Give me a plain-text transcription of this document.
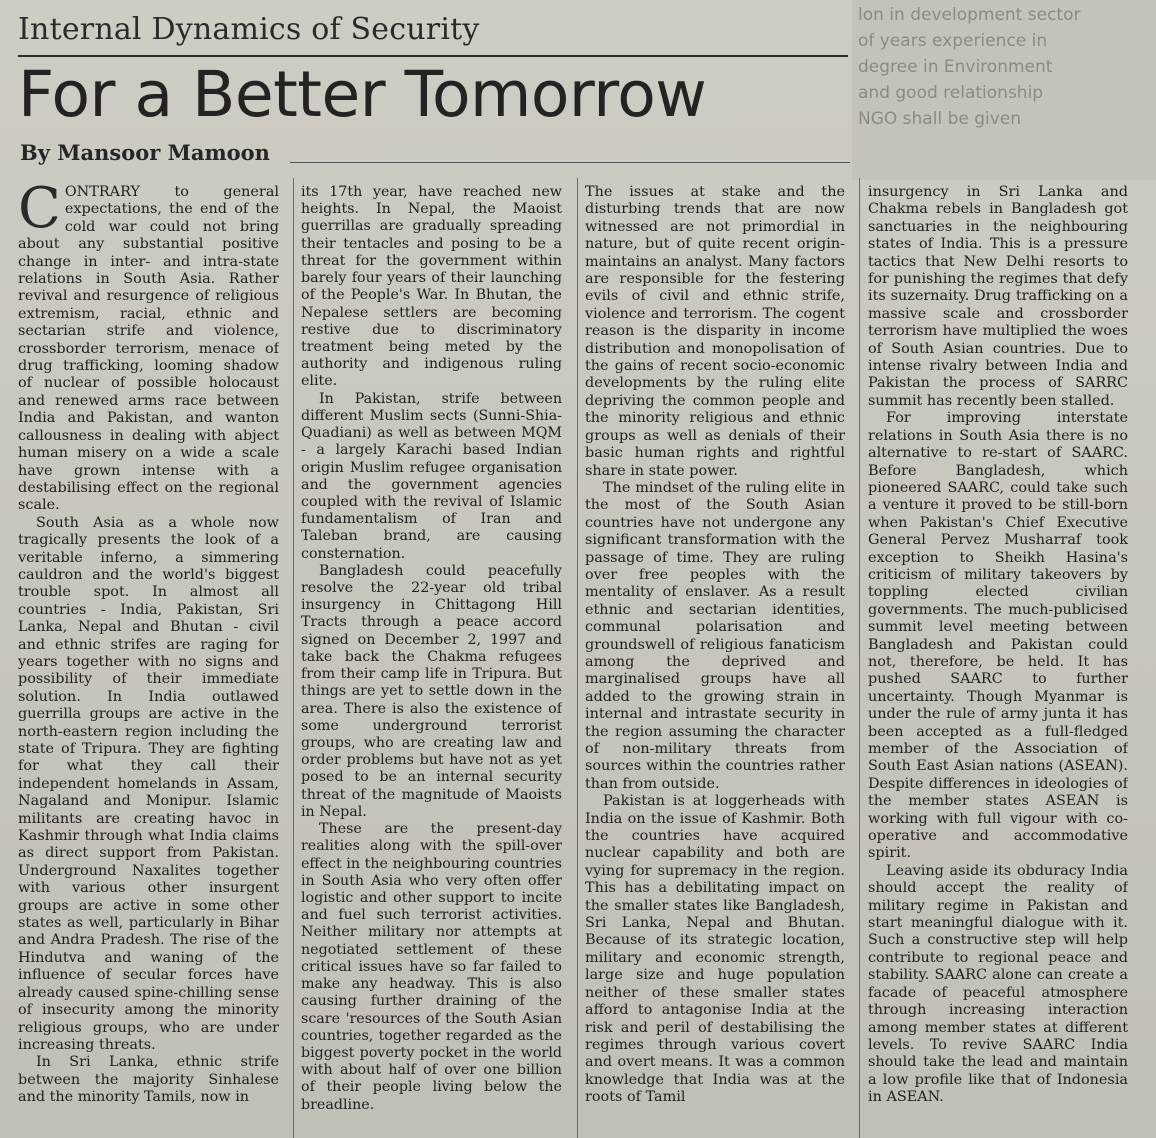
lon in development sector
of years experience in
degree in Environment
and good relationship
NGO shall be given
Internal Dynamics of Security
For a Better Tomorrow
By Mansoor Mamoon

CONTRARY to general expectations, the end of the cold war could not bring about any substantial positive change in inter- and intra-state relations in South Asia. Rather revival and resurgence of religious extremism, racial, ethnic and sectarian strife and violence, crossborder terrorism, menace of drug trafficking, looming shadow of nuclear of possible holocaust and renewed arms race between India and Pakistan, and wanton callousness in dealing with abject human misery on a wide a scale have grown intense with a destabilising effect on the regional scale.

South Asia as a whole now tragically presents the look of a veritable inferno, a simmering cauldron and the world's biggest trouble spot. In almost all countries - India, Pakistan, Sri Lanka, Nepal and Bhutan - civil and ethnic strifes are raging for years together with no signs and possibility of their immediate solution. In India outlawed guerrilla groups are active in the north-eastern region including the state of Tripura. They are fighting for what they call their independent homelands in Assam, Nagaland and Monipur. Islamic militants are creating havoc in Kashmir through what India claims as direct support from Pakistan. Underground Naxalites together with various other insurgent groups are active in some other states as well, particularly in Bihar and Andra Pradesh. The rise of the Hindutva and waning of the influence of secular forces have already caused spine-chilling sense of insecurity among the minority religious groups, who are under increasing threats.

In Sri Lanka, ethnic strife between the majority Sinhalese and the minority Tamils, now in

its 17th year, have reached new heights. In Nepal, the Maoist guerrillas are gradually spreading their tentacles and posing to be a threat for the government within barely four years of their launching of the People's War. In Bhutan, the Nepalese settlers are becoming restive due to discriminatory treatment being meted by the authority and indigenous ruling elite.

In Pakistan, strife between different Muslim sects (Sunni-Shia- Quadiani) as well as between MQM - a largely Karachi based Indian origin Muslim refugee organisation and the government agencies coupled with the revival of Islamic fundamentalism of Iran and Taleban brand, are causing consternation.

Bangladesh could peacefully resolve the 22-year old tribal insurgency in Chittagong Hill Tracts through a peace accord signed on December 2, 1997 and take back the Chakma refugees from their camp life in Tripura. But things are yet to settle down in the area. There is also the existence of some underground terrorist groups, who are creating law and order problems but have not as yet posed to be an internal security threat of the magnitude of Maoists in Nepal.

These are the present-day realities along with the spill-over effect in the neighbouring countries in South Asia who very often offer logistic and other support to incite and fuel such terrorist activities. Neither military nor attempts at negotiated settlement of these critical issues have so far failed to make any headway. This is also causing further draining of the scare 'resources of the South Asian countries, together regarded as the biggest poverty pocket in the world with about half of over one billion of their people living below the breadline.

The issues at stake and the disturbing trends that are now witnessed are not primordial in nature, but of quite recent origin-maintains an analyst. Many factors are responsible for the festering evils of civil and ethnic strife, violence and terrorism. The cogent reason is the disparity in income distribution and monopolisation of the gains of recent socio-economic developments by the ruling elite depriving the common people and the minority religious and ethnic groups as well as denials of their basic human rights and rightful share in state power.

The mindset of the ruling elite in the most of the South Asian countries have not undergone any significant transformation with the passage of time. They are ruling over free peoples with the mentality of enslaver. As a result ethnic and sectarian identities, communal polarisation and groundswell of religious fanaticism among the deprived and marginalised groups have all added to the growing strain in internal and intrastate security in the region assuming the character of non-military threats from sources within the countries rather than from outside.

Pakistan is at loggerheads with India on the issue of Kashmir. Both the countries have acquired nuclear capability and both are vying for supremacy in the region. This has a debilitating impact on the smaller states like Bangladesh, Sri Lanka, Nepal and Bhutan. Because of its strategic location, military and economic strength, large size and huge population neither of these smaller states afford to antagonise India at the risk and peril of destabilising the regimes through various covert and overt means. It was a common knowledge that India was at the roots of Tamil

insurgency in Sri Lanka and Chakma rebels in Bangladesh got sanctuaries in the neighbouring states of India. This is a pressure tactics that New Delhi resorts to for punishing the regimes that defy its suzernaity. Drug trafficking on a massive scale and crossborder terrorism have multiplied the woes of South Asian countries. Due to intense rivalry between India and Pakistan the process of SARRC summit has recently been stalled.

For improving interstate relations in South Asia there is no alternative to re-start of SAARC. Before Bangladesh, which pioneered SAARC, could take such a venture it proved to be still-born when Pakistan's Chief Executive General Pervez Musharraf took exception to Sheikh Hasina's criticism of military takeovers by toppling elected civilian governments. The much-publicised summit level meeting between Bangladesh and Pakistan could not, therefore, be held. It has pushed SAARC to further uncertainty. Though Myanmar is under the rule of army junta it has been accepted as a full-fledged member of the Association of South East Asian nations (ASEAN). Despite differences in ideologies of the member states ASEAN is working with full vigour with co-operative and accommodative spirit.

Leaving aside its obduracy India should accept the reality of military regime in Pakistan and start meaningful dialogue with it. Such a constructive step will help contribute to regional peace and stability. SAARC alone can create a facade of peaceful atmosphere through increasing interaction among member states at different levels. To revive SAARC India should take the lead and maintain a low profile like that of Indonesia in ASEAN.
